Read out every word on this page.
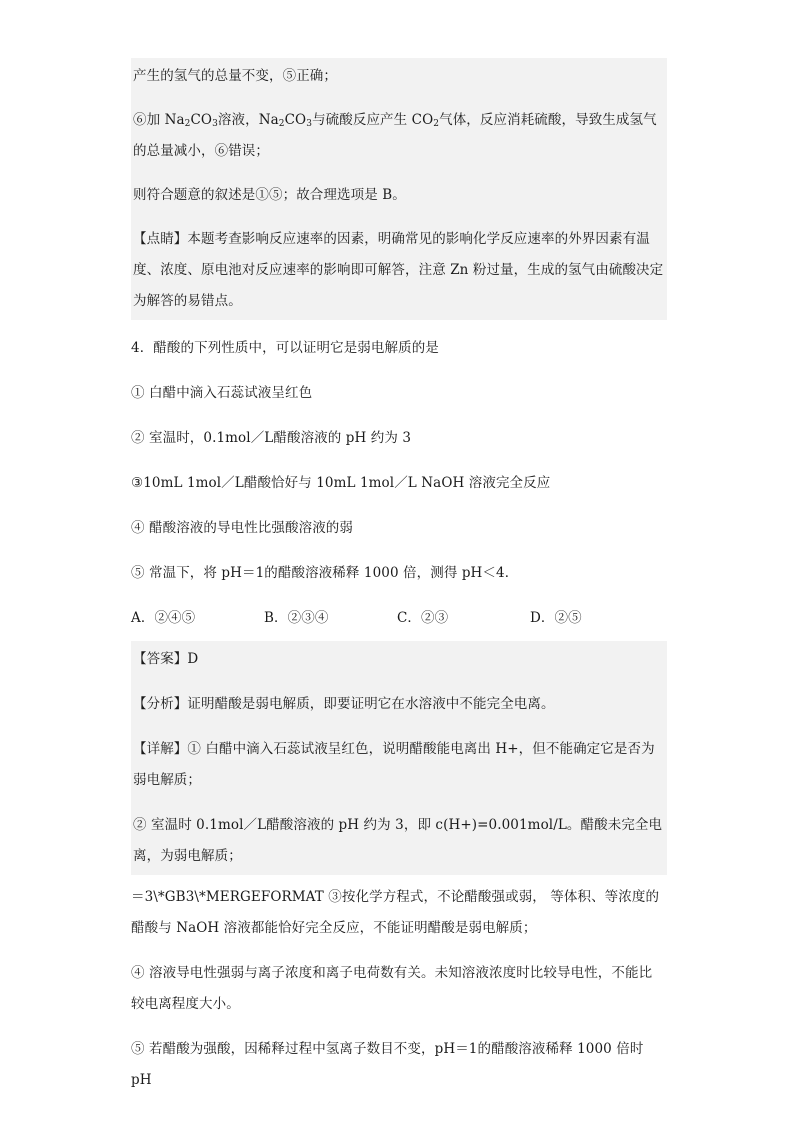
产生的氢气的总量不变，⑤正确；

⑥加 $Na_2CO_3$溶液，$Na_2CO_3$与硫酸反应产生 $CO_2$气体，反应消耗硫酸，导致生成氢气的总量减小，⑥错误；

则符合题意的叙述是①⑤；故合理选项是 B。

【点睛】本题考查影响反应速率的因素，明确常见的影响化学反应速率的外界因素有温度、浓度、原电池对反应速率的影响即可解答，注意 Zn 粉过量，生成的氢气由硫酸决定为解答的易错点。

4．醋酸的下列性质中，可以证明它是弱电解质的是

① 白醋中滴入石蕊试液呈红色

② 室温时，0.1mol／L醋酸溶液的 pH 约为 3

③10mL 1mol／L醋酸恰好与 10mL 1mol／L NaOH 溶液完全反应

④ 醋酸溶液的导电性比强酸溶液的弱

⑤ 常温下，将 pH＝1的醋酸溶液稀释 1000 倍，测得 pH＜4．

A．②④⑤	B．②③④	C．②③	D．②⑤

【答案】D

【分析】证明醋酸是弱电解质，即要证明它在水溶液中不能完全电离。

【详解】① 白醋中滴入石蕊试液呈红色，说明醋酸能电离出 H+，但不能确定它是否为弱电解质；

② 室温时 0.1mol／L醋酸溶液的 pH 约为 3，即 c(H+)=0.001mol/L。醋酸未完全电离，为弱电解质；

＝3\*GB3\*MERGEFORMAT ③按化学方程式，不论醋酸强或弱， 等体积、等浓度的醋酸与 NaOH 溶液都能恰好完全反应，不能证明醋酸是弱电解质；

④ 溶液导电性强弱与离子浓度和离子电荷数有关。未知溶液浓度时比较导电性，不能比较电离程度大小。

⑤ 若醋酸为强酸，因稀释过程中氢离子数目不变，pH＝1的醋酸溶液稀释 1000 倍时 pH
